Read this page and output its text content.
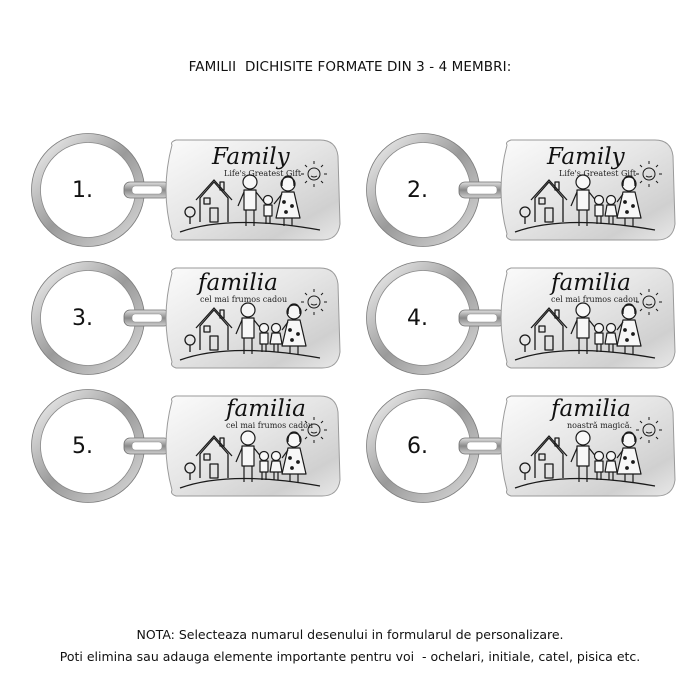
FAMILII  DICHISITE FORMATE DIN 3 - 4 MEMBRI:
1.
Family
Life's Greatest Gift
2.
Family
Life's Greatest Gift
3.
familia
cel mai frumos cadou
4.
familia
cel mai frumos cadou
5.
familia
cel mai frumos cadou
6.
familia
noastră magică.
NOTA: Selecteaza numarul desenului in formularul de personalizare.
Poti elimina sau adauga elemente importante pentru voi  - ochelari, initiale, catel, pisica etc.
